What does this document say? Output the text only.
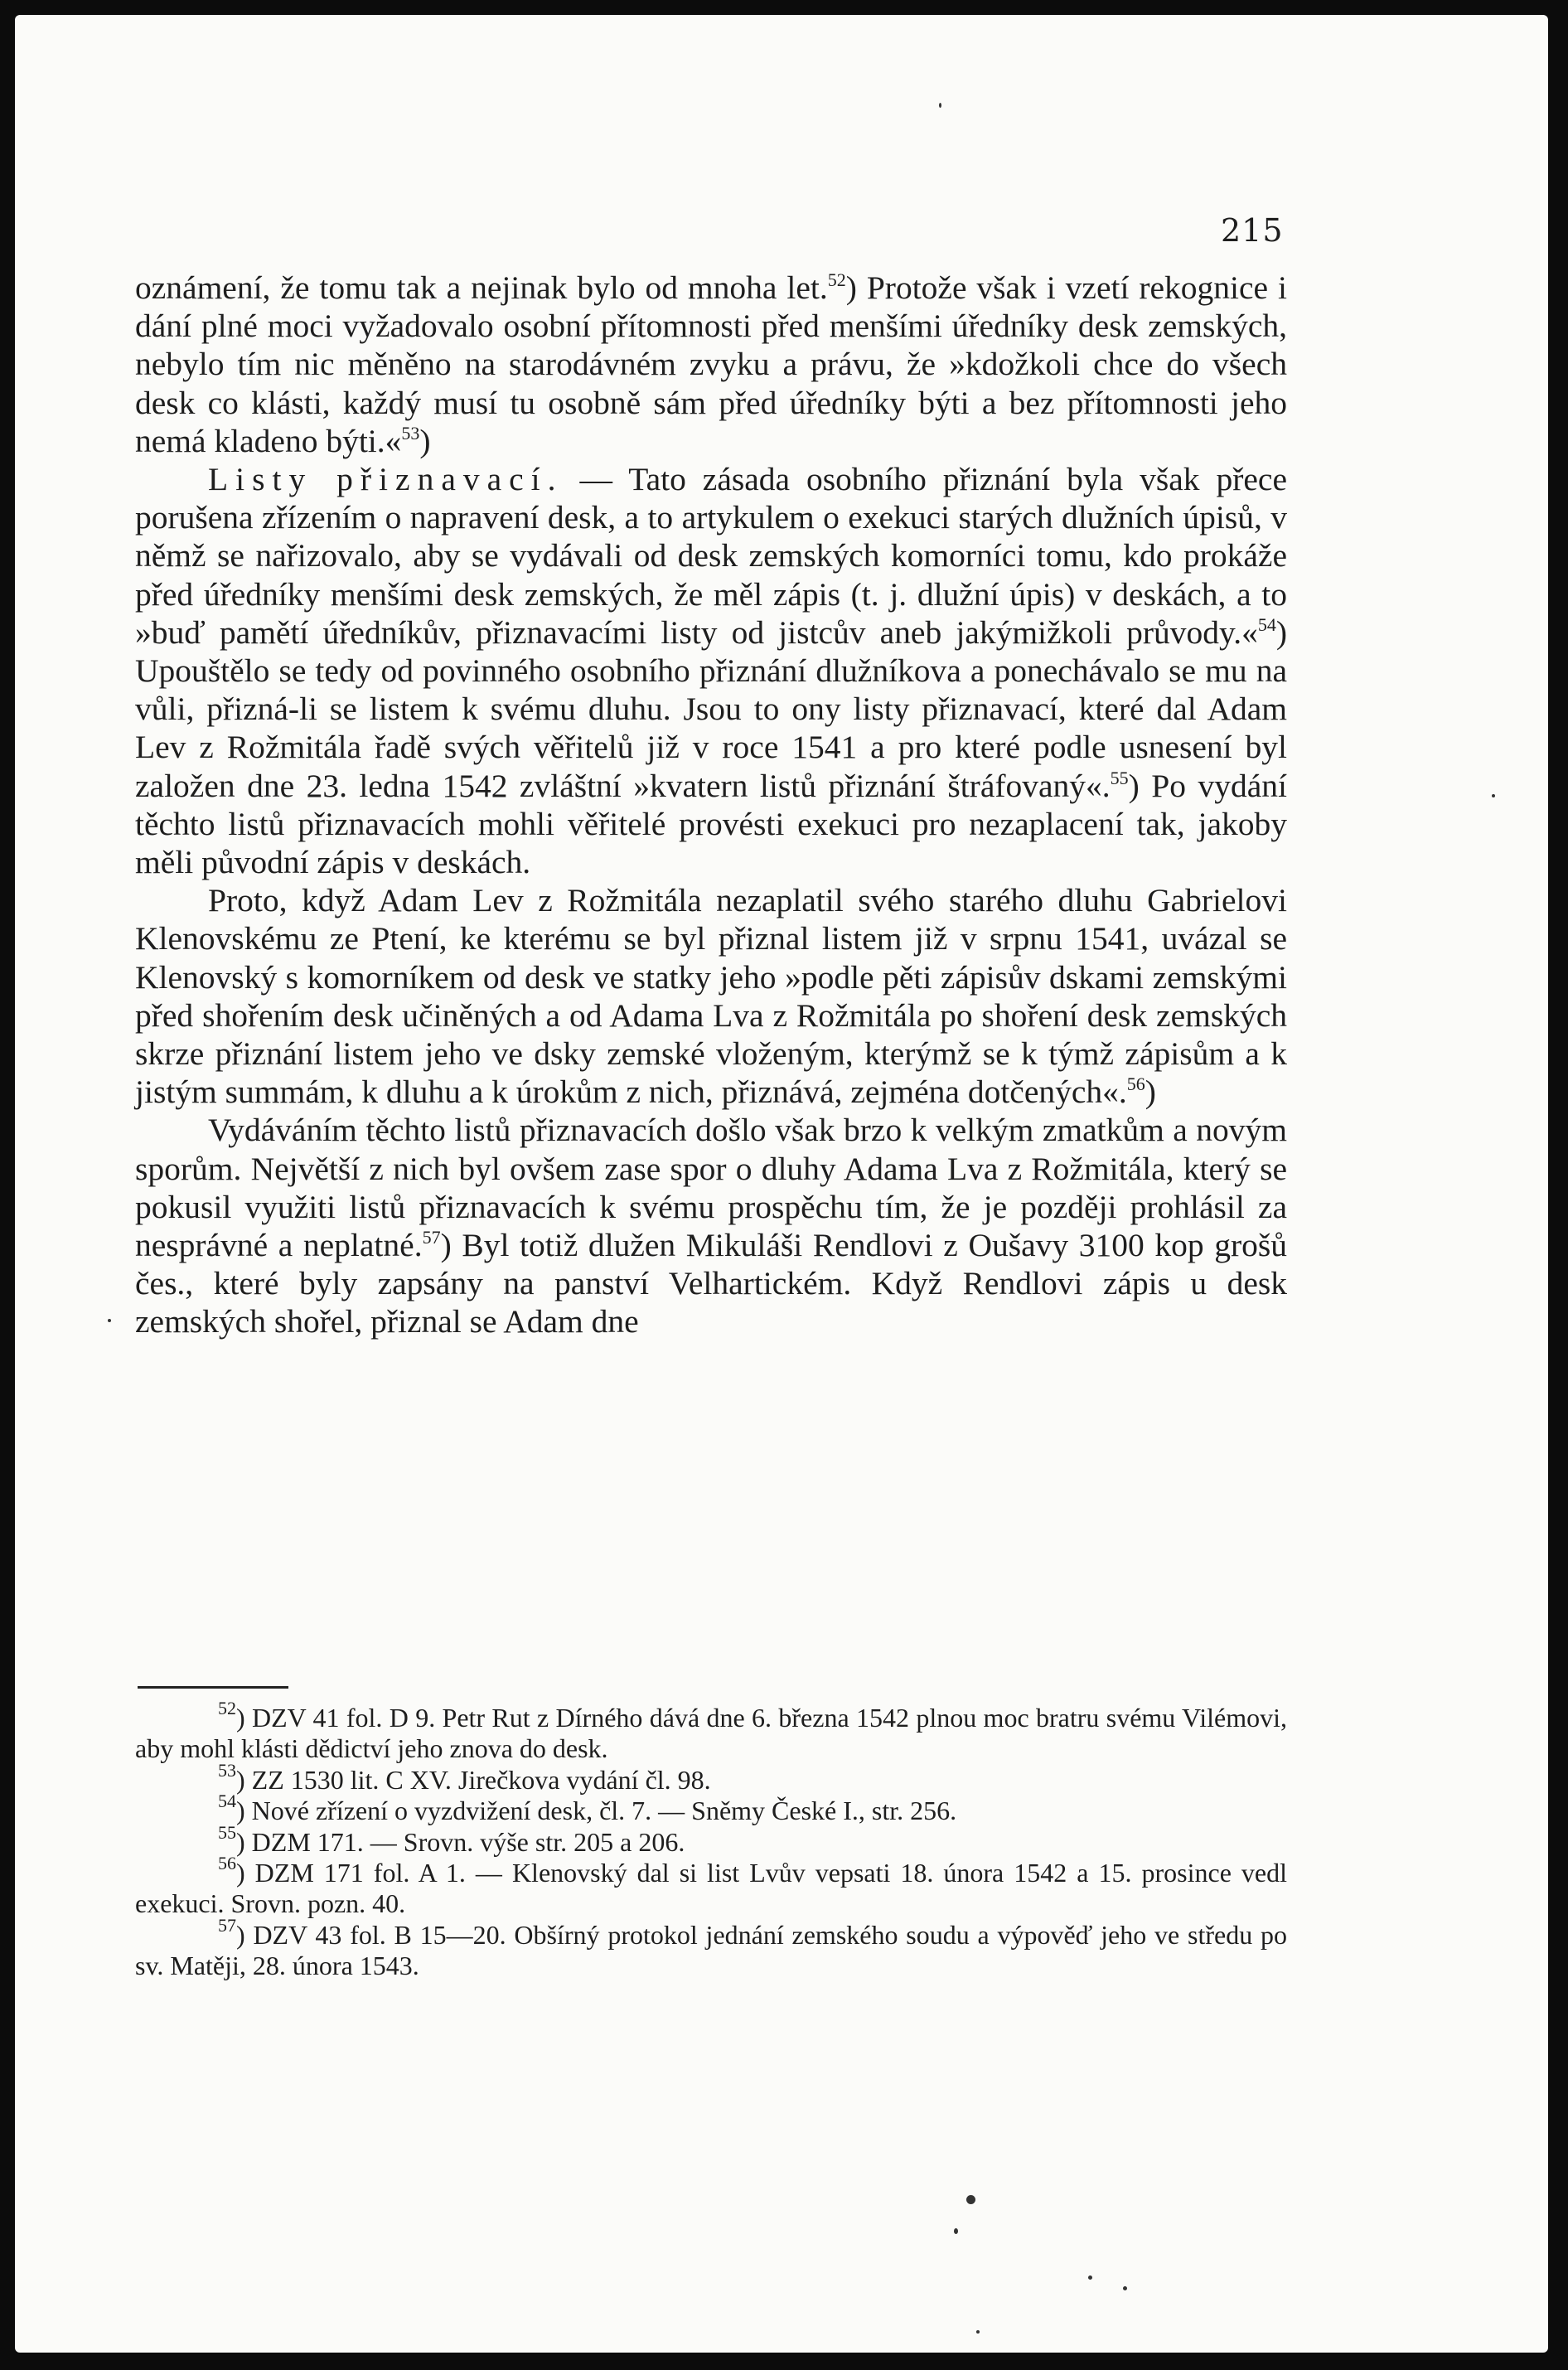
215

oznámení, že tomu tak a nejinak bylo od mnoha let.$^{52}$) Protože však i vzetí rekognice i dání plné moci vyžadovalo osobní přítomnosti před menšími úředníky desk zemských, nebylo tím nic měněno na starodávném zvyku a právu, že »kdožkoli chce do všech desk co klásti, každý musí tu osobně sám před úředníky býti a bez přítomnosti jeho nemá kladeno býti.«$^{53}$)

Listy přiznavací. — Tato zásada osobního přiznání byla však přece porušena zřízením o napravení desk, a to artykulem o exekuci starých dlužních úpisů, v němž se nařizovalo, aby se vydávali od desk zemských komorníci tomu, kdo prokáže před úředníky menšími desk zemských, že měl zápis (t. j. dlužní úpis) v deskách, a to »buď pamětí úředníkův, přiznavacími listy od jistcův aneb jakýmižkoli průvody.«$^{54}$) Upouštělo se tedy od povinného osobního přiznání dlužníkova a ponechávalo se mu na vůli, přizná-li se listem k svému dluhu. Jsou to ony listy přiznavací, které dal Adam Lev z Rožmitála řadě svých věřitelů již v roce 1541 a pro které podle usnesení byl založen dne 23. ledna 1542 zvláštní »kvatern listů přiznání štráfovaný«.$^{55}$) Po vydání těchto listů přiznavacích mohli věřitelé provésti exekuci pro nezaplacení tak, jakoby měli původní zápis v deskách.

Proto, když Adam Lev z Rožmitála nezaplatil svého starého dluhu Gabrielovi Klenovskému ze Ptení, ke kterému se byl přiznal listem již v srpnu 1541, uvázal se Klenovský s komorníkem od desk ve statky jeho »podle pěti zápisův dskami zemskými před shořením desk učiněných a od Adama Lva z Rožmitála po shoření desk zemských skrze přiznání listem jeho ve dsky zemské vloženým, kterýmž se k týmž zápisům a k jistým summám, k dluhu a k úrokům z nich, přiznává, zejména dotčených«.$^{56}$)

Vydáváním těchto listů přiznavacích došlo však brzo k velkým zmatkům a novým sporům. Největší z nich byl ovšem zase spor o dluhy Adama Lva z Rožmitála, který se pokusil využiti listů přiznavacích k svému prospěchu tím, že je později prohlásil za nesprávné a neplatné.$^{57}$) Byl totiž dlužen Mikuláši Rendlovi z Oušavy 3100 kop grošů čes., které byly zapsány na panství Velhartickém. Když Rendlovi zápis u desk zemských shořel, přiznal se Adam dne

$^{52}$) DZV 41 fol. D 9. Petr Rut z Dírného dává dne 6. března 1542 plnou moc bratru svému Vilémovi, aby mohl klásti dědictví jeho znova do desk.

$^{53}$) ZZ 1530 lit. C XV. Jirečkova vydání čl. 98.

$^{54}$) Nové zřízení o vyzdvižení desk, čl. 7. — Sněmy České I., str. 256.

$^{55}$) DZM 171. — Srovn. výše str. 205 a 206.

$^{56}$) DZM 171 fol. A 1. — Klenovský dal si list Lvův vepsati 18. února 1542 a 15. prosince vedl exekuci. Srovn. pozn. 40.

$^{57}$) DZV 43 fol. B 15—20. Obšírný protokol jednání zemského soudu a výpověď jeho ve středu po sv. Matěji, 28. února 1543.
